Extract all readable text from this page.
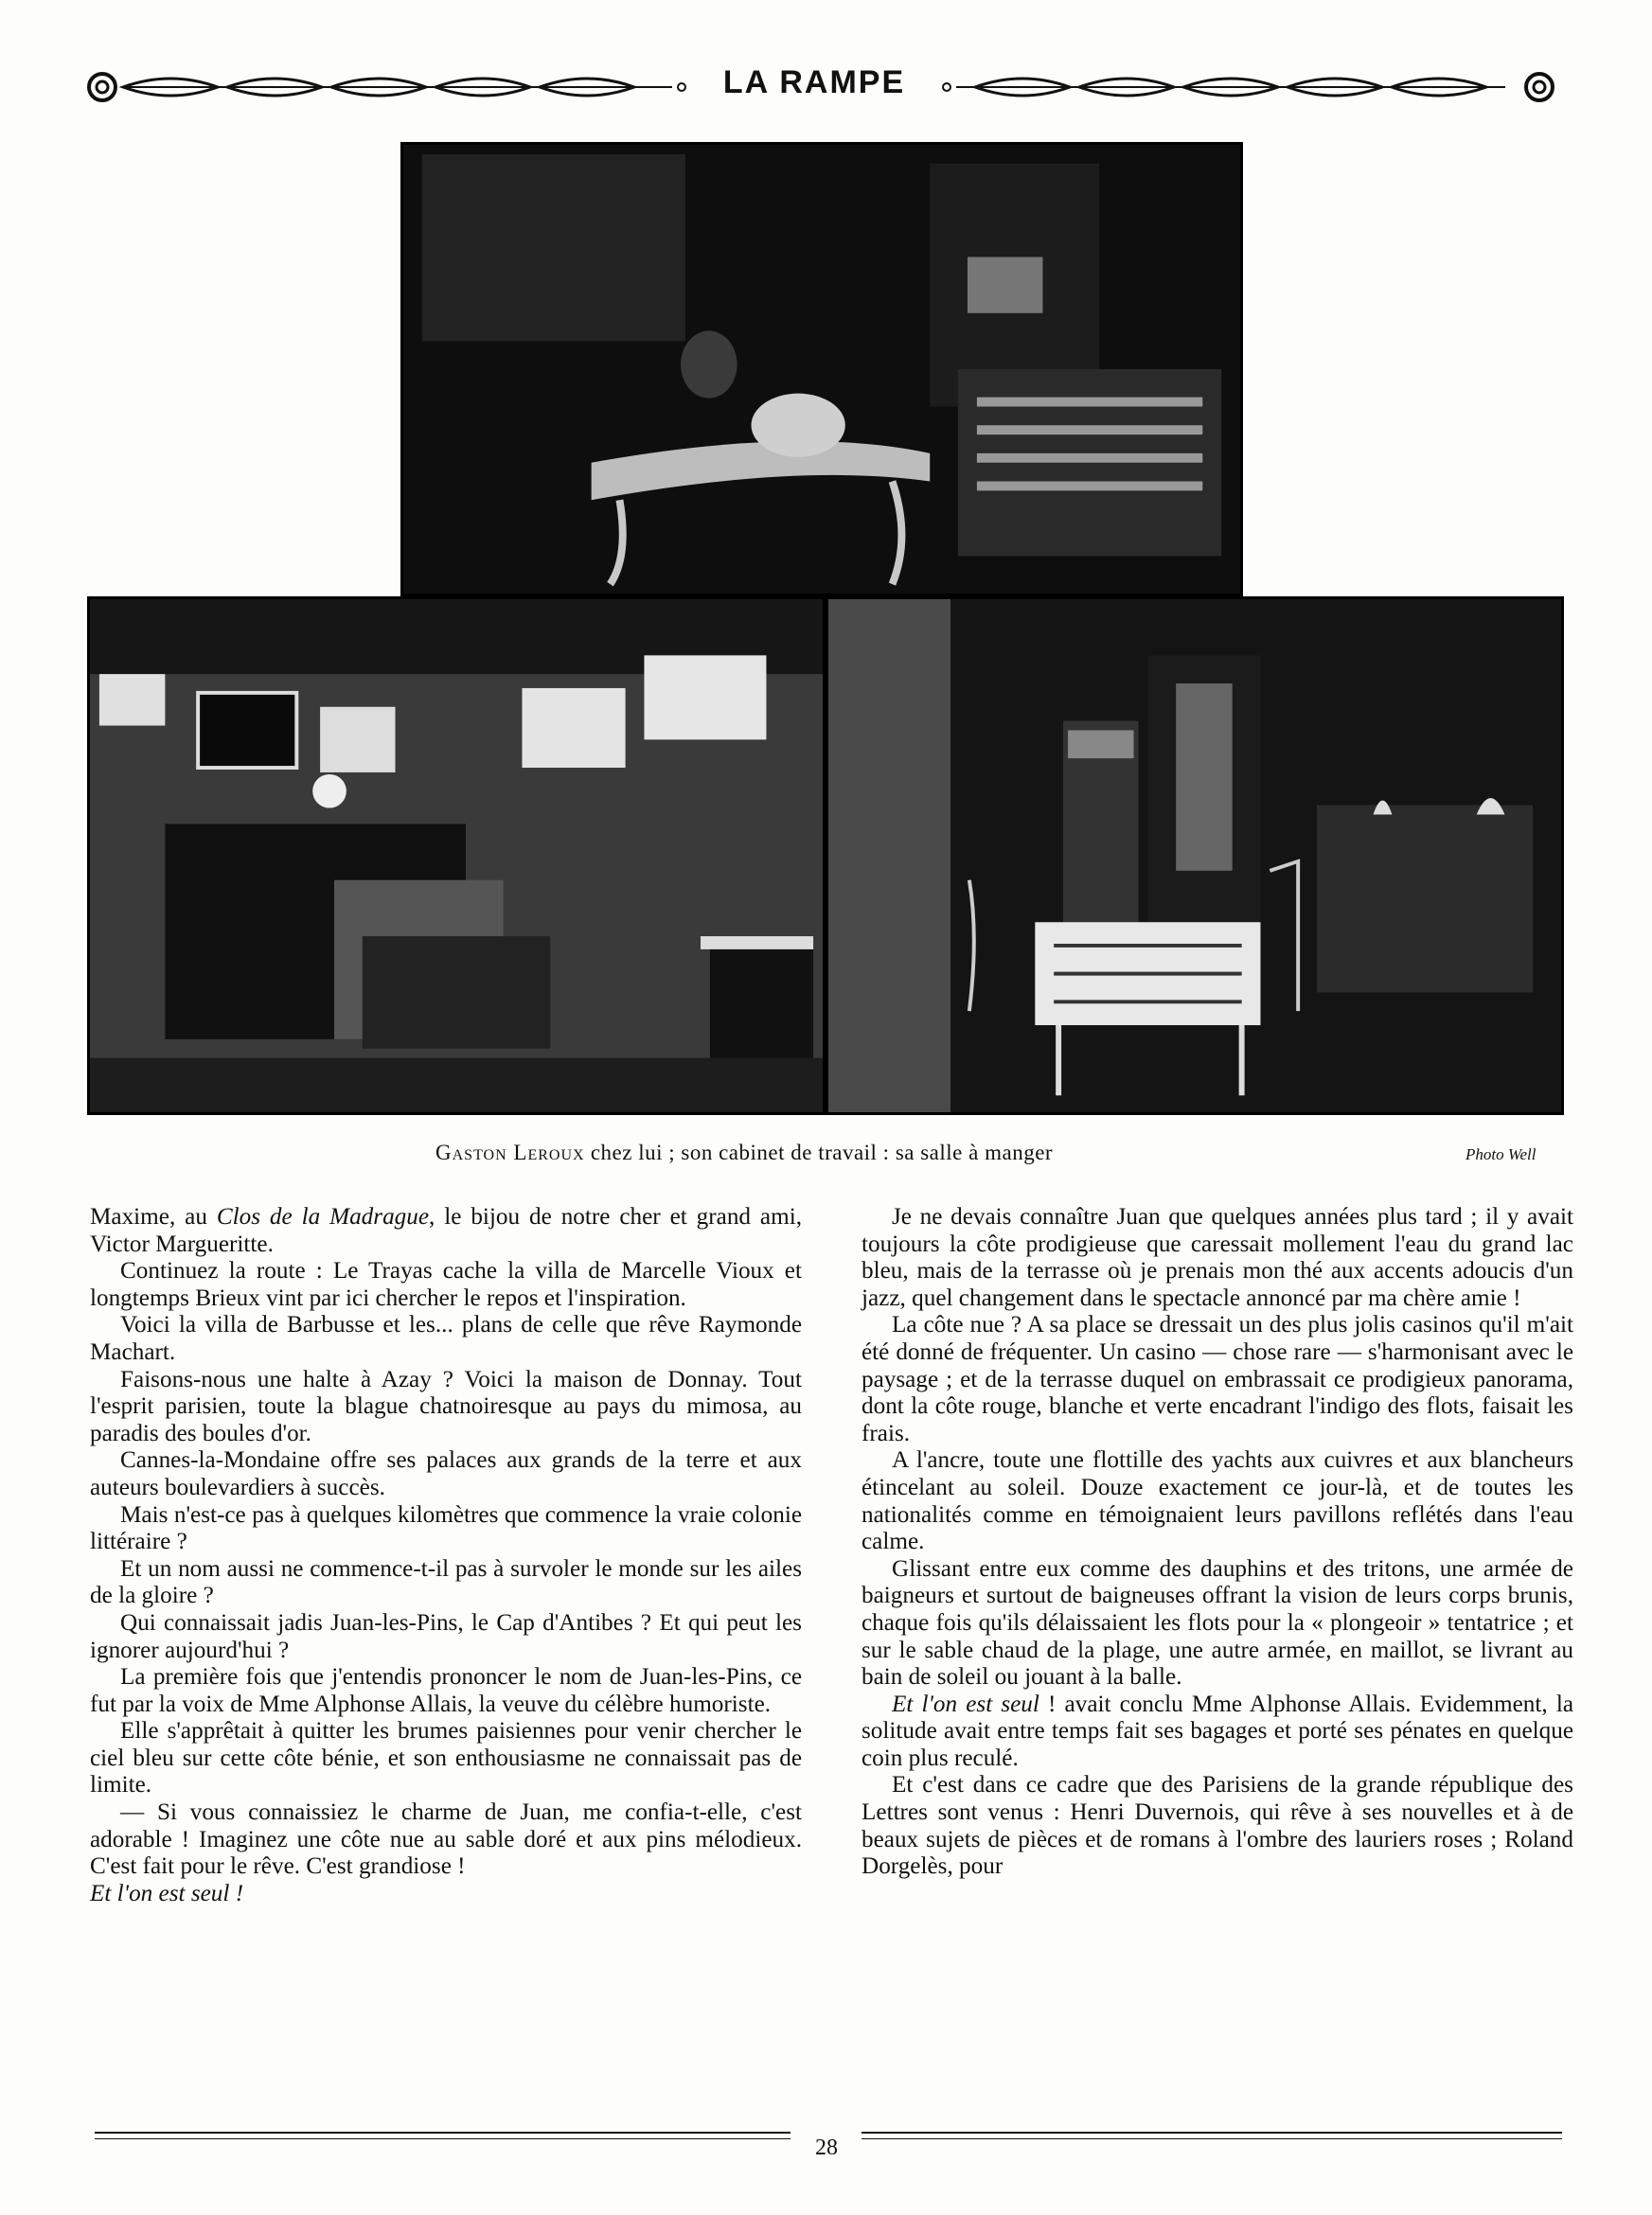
LA RAMPE
Gaston Leroux chez lui ; son cabinet de travail : sa salle à manger	Photo Well

Maxime, au Clos de la Madrague, le bijou de notre cher et grand ami, Victor Margueritte.

Continuez la route : Le Trayas cache la villa de Marcelle Vioux et longtemps Brieux vint par ici chercher le repos et l'inspiration.

Voici la villa de Barbusse et les... plans de celle que rêve Raymonde Machart.

Faisons-nous une halte à Azay ? Voici la maison de Donnay. Tout l'esprit parisien, toute la blague chatnoiresque au pays du mimosa, au paradis des boules d'or.

Cannes-la-Mondaine offre ses palaces aux grands de la terre et aux auteurs boulevardiers à succès.

Mais n'est-ce pas à quelques kilomètres que commence la vraie colonie littéraire ?

Et un nom aussi ne commence-t-il pas à survoler le monde sur les ailes de la gloire ?

Qui connaissait jadis Juan-les-Pins, le Cap d'Antibes ? Et qui peut les ignorer aujourd'hui ?

La première fois que j'entendis prononcer le nom de Juan-les-Pins, ce fut par la voix de Mme Alphonse Allais, la veuve du célèbre humoriste.

Elle s'apprêtait à quitter les brumes paisiennes pour venir chercher le ciel bleu sur cette côte bénie, et son enthousiasme ne connaissait pas de limite.

— Si vous connaissiez le charme de Juan, me confia-t-elle, c'est adorable ! Imaginez une côte nue au sable doré et aux pins mélodieux. C'est fait pour le rêve. C'est grandiose !
Et l'on est seul !

Je ne devais connaître Juan que quelques années plus tard ; il y avait toujours la côte prodigieuse que caressait mollement l'eau du grand lac bleu, mais de la terrasse où je prenais mon thé aux accents adoucis d'un jazz, quel changement dans le spectacle annoncé par ma chère amie !

La côte nue ? A sa place se dressait un des plus jolis casinos qu'il m'ait été donné de fréquenter. Un casino — chose rare — s'harmonisant avec le paysage ; et de la terrasse duquel on embrassait ce prodigieux panorama, dont la côte rouge, blanche et verte encadrant l'indigo des flots, faisait les frais.

A l'ancre, toute une flottille des yachts aux cuivres et aux blancheurs étincelant au soleil. Douze exactement ce jour-là, et de toutes les nationalités comme en témoignaient leurs pavillons reflétés dans l'eau calme.

Glissant entre eux comme des dauphins et des tritons, une armée de baigneurs et surtout de baigneuses offrant la vision de leurs corps brunis, chaque fois qu'ils délaissaient les flots pour la « plongeoir » tentatrice ; et sur le sable chaud de la plage, une autre armée, en maillot, se livrant au bain de soleil ou jouant à la balle.

Et l'on est seul ! avait conclu Mme Alphonse Allais. Evidemment, la solitude avait entre temps fait ses bagages et porté ses pénates en quelque coin plus reculé.

Et c'est dans ce cadre que des Parisiens de la grande république des Lettres sont venus : Henri Duvernois, qui rêve à ses nouvelles et à de beaux sujets de pièces et de romans à l'ombre des lauriers roses ; Roland Dorgelès, pour

28
